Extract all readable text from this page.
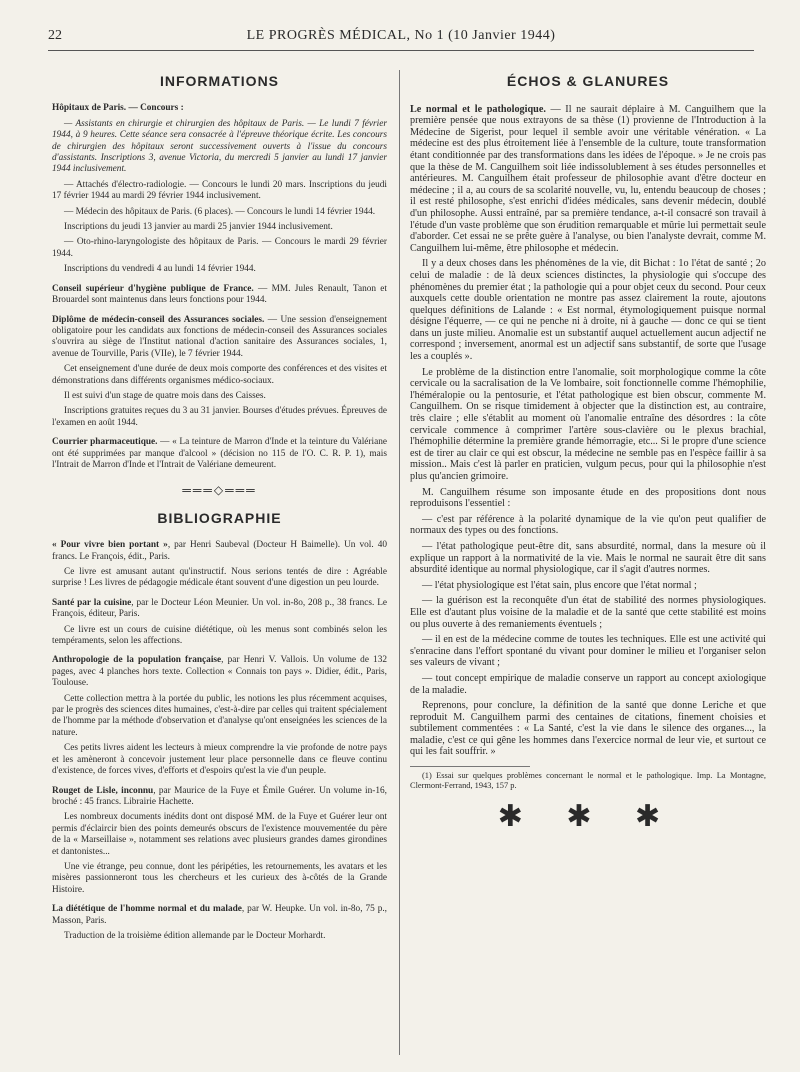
22	LE PROGRÈS MÉDICAL, No 1 (10 Janvier 1944)
INFORMATIONS

Hôpitaux de Paris. — Concours :

— Assistants en chirurgie et chirurgien des hôpitaux de Paris. — Le lundi 7 février 1944, à 9 heures. Cette séance sera consacrée à l'épreuve théorique écrite. Les concours de chirurgien des hôpitaux seront successivement ouverts à l'issue du concours d'assistants. Inscriptions 3, avenue Victoria, du mercredi 5 janvier au lundi 17 janvier 1944 inclusivement.

— Attachés d'électro-radiologie. — Concours le lundi 20 mars. Inscriptions du jeudi 17 février 1944 au mardi 29 février 1944 inclusivement.

— Médecin des hôpitaux de Paris. (6 places). — Concours le lundi 14 février 1944.

Inscriptions du jeudi 13 janvier au mardi 25 janvier 1944 inclusivement.

— Oto-rhino-laryngologiste des hôpitaux de Paris. — Concours le mardi 29 février 1944.

Inscriptions du vendredi 4 au lundi 14 février 1944.

Conseil supérieur d'hygiène publique de France. — MM. Jules Renault, Tanon et Brouardel sont maintenus dans leurs fonctions pour 1944.

Diplôme de médecin-conseil des Assurances sociales. — Une session d'enseignement obligatoire pour les candidats aux fonctions de médecin-conseil des Assurances sociales s'ouvrira au siège de l'Institut national d'action sanitaire des Assurances sociales, 1, avenue de Tourville, Paris (VIIe), le 7 février 1944.

Cet enseignement d'une durée de deux mois comporte des conférences et des visites et démonstrations dans différents organismes médico-sociaux.

Il est suivi d'un stage de quatre mois dans des Caisses.

Inscriptions gratuites reçues du 3 au 31 janvier. Bourses d'études prévues. Épreuves de l'examen en août 1944.

Courrier pharmaceutique. — « La teinture de Marron d'Inde et la teinture du Valériane ont été supprimées par manque d'alcool » (décision no 115 de l'O. C. R. P. 1), mais l'Intrait de Marron d'Inde et l'Intrait de Valériane demeurent.

═══◇═══
BIBLIOGRAPHIE

« Pour vivre bien portant », par Henri Saubeval (Docteur H Baimelle). Un vol. 40 francs. Le François, édit., Paris.

Ce livre est amusant autant qu'instructif. Nous serions tentés de dire : Agréable surprise ! Les livres de pédagogie médicale étant souvent d'une digestion un peu lourde.

Santé par la cuisine, par le Docteur Léon Meunier. Un vol. in-8o, 208 p., 38 francs. Le François, éditeur, Paris.

Ce livre est un cours de cuisine diététique, où les menus sont combinés selon les tempéraments, selon les affections.

Anthropologie de la population française, par Henri V. Vallois. Un volume de 132 pages, avec 4 planches hors texte. Collection « Connais ton pays ». Didier, édit., Paris, Toulouse.

Cette collection mettra à la portée du public, les notions les plus récemment acquises, par le progrès des sciences dites humaines, c'est-à-dire par celles qui traitent spécialement de l'homme par la méthode d'observation et d'analyse qu'ont enseignées les sciences de la nature.

Ces petits livres aident les lecteurs à mieux comprendre la vie profonde de notre pays et les amèneront à concevoir justement leur place personnelle dans ce fleuve continu d'existence, de forces vives, d'efforts et d'espoirs qu'est la vie d'un peuple.

Rouget de Lisle, inconnu, par Maurice de la Fuye et Émile Guérer. Un volume in-16, broché : 45 francs. Librairie Hachette.

Les nombreux documents inédits dont ont disposé MM. de la Fuye et Guérer leur ont permis d'éclaircir bien des points demeurés obscurs de l'existence mouvementée du père de la « Marseillaise », notamment ses relations avec plusieurs grandes dames girondines et dantonistes...

Une vie étrange, peu connue, dont les péripéties, les retournements, les avatars et les misères passionneront tous les chercheurs et les curieux des à-côtés de la Grande Histoire.

La diététique de l'homme normal et du malade, par W. Heupke. Un vol. in-8o, 75 p., Masson, Paris.

Traduction de la troisième édition allemande par le Docteur Morhardt.

ÉCHOS & GLANURES

Le normal et le pathologique. — Il ne saurait déplaire à M. Canguilhem que la première pensée que nous extrayons de sa thèse (1) provienne de l'Introduction à la Médecine de Sigerist, pour lequel il semble avoir une véritable vénération. « La médecine est des plus étroitement liée à l'ensemble de la culture, toute transformation étant conditionnée par des transformations dans les idées de l'époque. » Je ne crois pas que la thèse de M. Canguilhem soit liée indissolublement à ses études personnelles et antérieures. M. Canguilhem était professeur de philosophie avant d'être docteur en médecine ; il a, au cours de sa scolarité nouvelle, vu, lu, entendu beaucoup de choses ; il est resté philosophe, s'est enrichi d'idées médicales, sans devenir médecin, doublé d'un philosophe. Aussi entraîné, par sa première tendance, a-t-il consacré son travail à l'étude d'un vaste problème que son érudition remarquable et mûrie lui permettait seule d'aborder. Cet essai ne se prête guère à l'analyse, ou bien l'analyste devrait, comme M. Canguilhem lui-même, être philosophe et médecin.

Il y a deux choses dans les phénomènes de la vie, dit Bichat : 1o l'état de santé ; 2o celui de maladie : de là deux sciences distinctes, la physiologie qui s'occupe des phénomènes du premier état ; la pathologie qui a pour objet ceux du second. Pour ceux auxquels cette double orientation ne montre pas assez clairement la route, ajoutons quelques définitions de Lalande : « Est normal, étymologiquement puisque normal désigne l'équerre, — ce qui ne penche ni à droite, ni à gauche — donc ce qui se tient dans un juste milieu. Anomalie est un substantif auquel actuellement aucun adjectif ne correspond ; inversement, anormal est un adjectif sans substantif, de sorte que l'usage les a couplés ».

Le problème de la distinction entre l'anomalie, soit morphologique comme la côte cervicale ou la sacralisation de la Ve lombaire, soit fonctionnelle comme l'hémophilie, l'héméralopie ou la pentosurie, et l'état pathologique est bien obscur, commente M. Canguilhem. On se risque timidement à objecter que la distinction est, au contraire, très claire ; elle s'établit au moment où l'anomalie entraîne des désordres : la côte cervicale commence à comprimer l'artère sous-clavière ou le plexus brachial, l'hémophilie détermine la première grande hémorragie, etc... Si le propre d'une science est de tirer au clair ce qui est obscur, la médecine ne semble pas en l'espèce faillir à sa mission.. Mais c'est là parler en praticien, vulgum pecus, pour qui la philosophie n'est plus qu'ancien grimoire.

M. Canguilhem résume son imposante étude en des propositions dont nous reproduisons l'essentiel :

— c'est par référence à la polarité dynamique de la vie qu'on peut qualifier de normaux des types ou des fonctions.

— l'état pathologique peut-être dit, sans absurdité, normal, dans la mesure où il explique un rapport à la normativité de la vie. Mais le normal ne saurait être dit sans absurdité identique au normal physiologique, car il s'agit d'autres normes.

— l'état physiologique est l'état sain, plus encore que l'état normal ;

— la guérison est la reconquête d'un état de stabilité des normes physiologiques. Elle est d'autant plus voisine de la maladie et de la santé que cette stabilité est moins ou plus ouverte à des remaniements éventuels ;

— il en est de la médecine comme de toutes les techniques. Elle est une activité qui s'enracine dans l'effort spontané du vivant pour dominer le milieu et l'organiser selon ses valeurs de vivant ;

— tout concept empirique de maladie conserve un rapport au concept axiologique de la maladie.

Reprenons, pour conclure, la définition de la santé que donne Leriche et que reproduit M. Canguilhem parmi des centaines de citations, finement choisies et subtilement commentées : « La Santé, c'est la vie dans le silence des organes..., la maladie, c'est ce qui gêne les hommes dans l'exercice normal de leur vie, et surtout ce qui les fait souffrir. »

(1) Essai sur quelques problèmes concernant le normal et le pathologique. Imp. La Montagne, Clermont-Ferrand, 1943, 157 p.

✱ ✱ ✱
